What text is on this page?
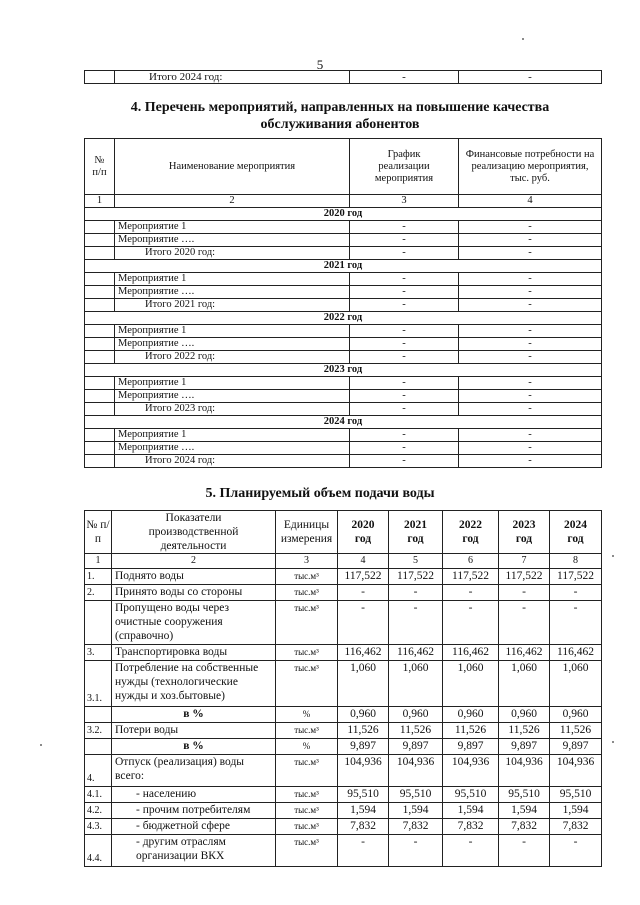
5
	Итого 2024 год:	-	-
4. Перечень мероприятий, направленных на повышение качества
обслуживания абонентов
№ п/п	Наименование мероприятия	График реализации мероприятия	Финансовые потребности на реализацию мероприятия, тыс. руб.
1	2	3	4
2020 год			
	Мероприятие 1	-	-
	Мероприятие ….	-	-
	Итого 2020 год:	-	-
2021 год			
	Мероприятие 1	-	-
	Мероприятие ….	-	-
	Итого 2021 год:	-	-
2022 год			
	Мероприятие 1	-	-
	Мероприятие ….	-	-
	Итого 2022 год:	-	-
2023 год			
	Мероприятие 1	-	-
	Мероприятие ….	-	-
	Итого 2023 год:	-	-
2024 год			
	Мероприятие 1	-	-
	Мероприятие ….	-	-
	Итого 2024 год:	-	-
5. Планируемый объем подачи воды
№ п/п	Показатели производственной деятельности	Единицы измерения	2020 год	2021 год	2022 год	2023 год	2024 год
1	2	3	4	5	6	7	8
1.	Поднято воды	тыс.м³	117,522	117,522	117,522	117,522	117,522
2.	Принято воды со стороны	тыс.м³	-	-	-	-	-
	Пропущено воды через очистные сооружения (справочно)	тыс.м³	-	-	-	-	-
3.	Транспортировка воды	тыс.м³	116,462	116,462	116,462	116,462	116,462
3.1.	Потребление на собственные нужды (технологические нужды и хоз.бытовые)	тыс.м³	1,060	1,060	1,060	1,060	1,060
	в %	%	0,960	0,960	0,960	0,960	0,960
3.2.	Потери воды	тыс.м³	11,526	11,526	11,526	11,526	11,526
	в %	%	9,897	9,897	9,897	9,897	9,897
4.	Отпуск (реализация) воды всего:	тыс.м³	104,936	104,936	104,936	104,936	104,936
4.1.	- населению	тыс.м³	95,510	95,510	95,510	95,510	95,510
4.2.	- прочим потребителям	тыс.м³	1,594	1,594	1,594	1,594	1,594
4.3.	- бюджетной сфере	тыс.м³	7,832	7,832	7,832	7,832	7,832
4.4.	- другим отраслям организации ВКХ	тыс.м³	-	-	-	-	-
